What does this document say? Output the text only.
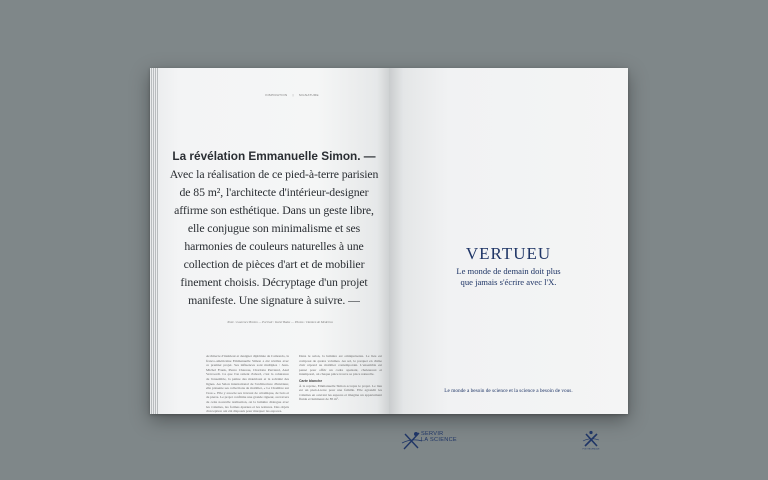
INSPIRATION | SIGNATURE
La révélation Emmanuelle Simon. — Avec la réalisation de ce pied-à-terre parisien de 85 m², l'architecte d'intérieur-designer affirme son esthétique. Dans un geste libre, elle conjugue son minimalisme et ses harmonies de couleurs naturelles à une collection de pièces d'art et de mobilier finement choisis. Décryptage d'un projet manifeste. Une signature à suivre. —
Texte : Laurence Breton — Portrait : Karel Balas — Photos : Damien de Medeiros
Architecte d'intérieur et designer diplômée de Camondo, la franco-américaine Emmanuelle Simon a été révélée avec ce premier projet. Ses influences sont multiples : Jean-Michel Frank, Pierre Chareau, Charlotte Perriand, Axel Vervoordt. Ce que l'on retient d'abord, c'est la cohérence de l'ensemble, la patine des matériaux et la sobriété des lignes. Au Salon international de l'architecture d'intérieur, elle présente ses collections de mobilier, « La Chambre sur l'eau ». Elle y associe ses travaux de céramique, de bois et de pierre. Le projet confirme une grande rigueur, au travers de cette nouvelle réalisation, où la lumière dialogue avec les volumes, les formes épurées et les textures. Des objets d'exception ont été disposés pour marquer les espaces.
Dans le salon, la lumière est omniprésente. Le lieu est composé de quatre volumes. Au sol, le parquet en chêne clair répond au mobilier contemporain. L'ensemble est pensé pour offrir un cadre apaisant, chaleureux et intemporel, où chaque pièce trouve sa place naturelle.
Carte blanche
À la reprise, Emmanuelle Simon accepte le projet. Le lieu est un pied-à-terre pour une famille. Elle agrandit les volumes en ouvrant les espaces et imagine un appartement fluide et lumineux de 85 m².
24
VERTUEU
Le monde de demain doit plus
que jamais s'écrire avec l'X.
Le monde a besoin de science et la science a besoin de vous.
SERVIR
LA SCIENCE
POLYTECHNIQUE
